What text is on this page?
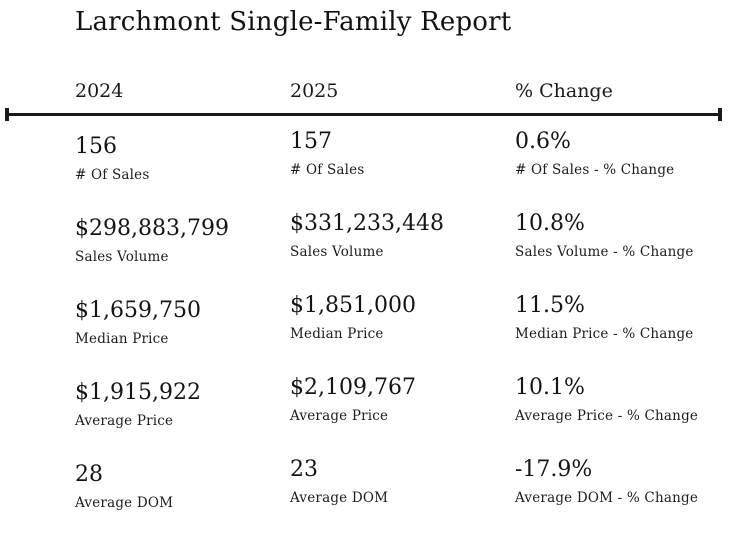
Larchmont Single-Family Report
2024	2025	% Change
156
# Of Sales
157
# Of Sales
0.6%
# Of Sales - % Change
$298,883,799
Sales Volume
$331,233,448
Sales Volume
10.8%
Sales Volume - % Change
$1,659,750
Median Price
$1,851,000
Median Price
11.5%
Median Price - % Change
$1,915,922
Average Price
$2,109,767
Average Price
10.1%
Average Price - % Change
28
Average DOM
23
Average DOM
-17.9%
Average DOM - % Change
